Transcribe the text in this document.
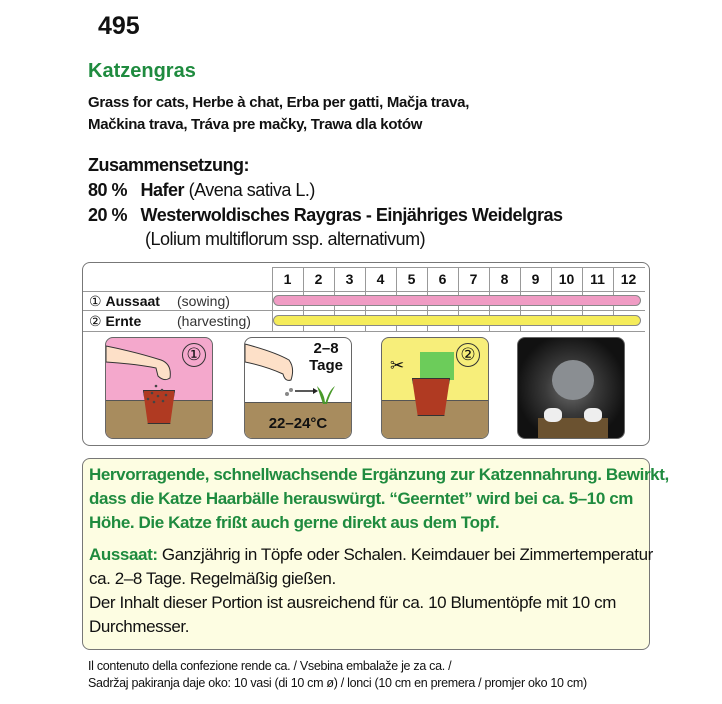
495
Katzengras
Grass for cats, Herbe à chat, Erba per gatti, Mačja trava,
Mačkina trava, Tráva pre mačky, Trawa dla kotów
Zusammensetzung:
80 % Hafer (Avena sativa L.)
20 % Westerwoldisches Raygras - Einjähriges Weidelgras
(Lolium multiflorum ssp. alternativum)
1	2	3	4	5	6	7	8	9	10	11	12
① Aussaat (sowing)
② Ernte	(harvesting)
①	2–8
Tage
22–24°C
②
✂
Hervorragende, schnellwachsende Ergänzung zur Katzennahrung. Bewirkt,
dass die Katze Haarbälle herauswürgt. “Geerntet” wird bei ca. 5–10 cm
Höhe. Die Katze frißt auch gerne direkt aus dem Topf.
Aussaat: Ganzjährig in Töpfe oder Schalen. Keimdauer bei Zimmertemperatur
ca. 2–8 Tage. Regelmäßig gießen.
Der Inhalt dieser Portion ist ausreichend für ca. 10 Blumentöpfe mit 10 cm
Durchmesser.
Il contenuto della confezione rende ca. / Vsebina embalaže je za ca. /
Sadržaj pakiranja daje oko: 10 vasi (di 10 cm ø) / lonci (10 cm en premera / promjer oko 10 cm)
